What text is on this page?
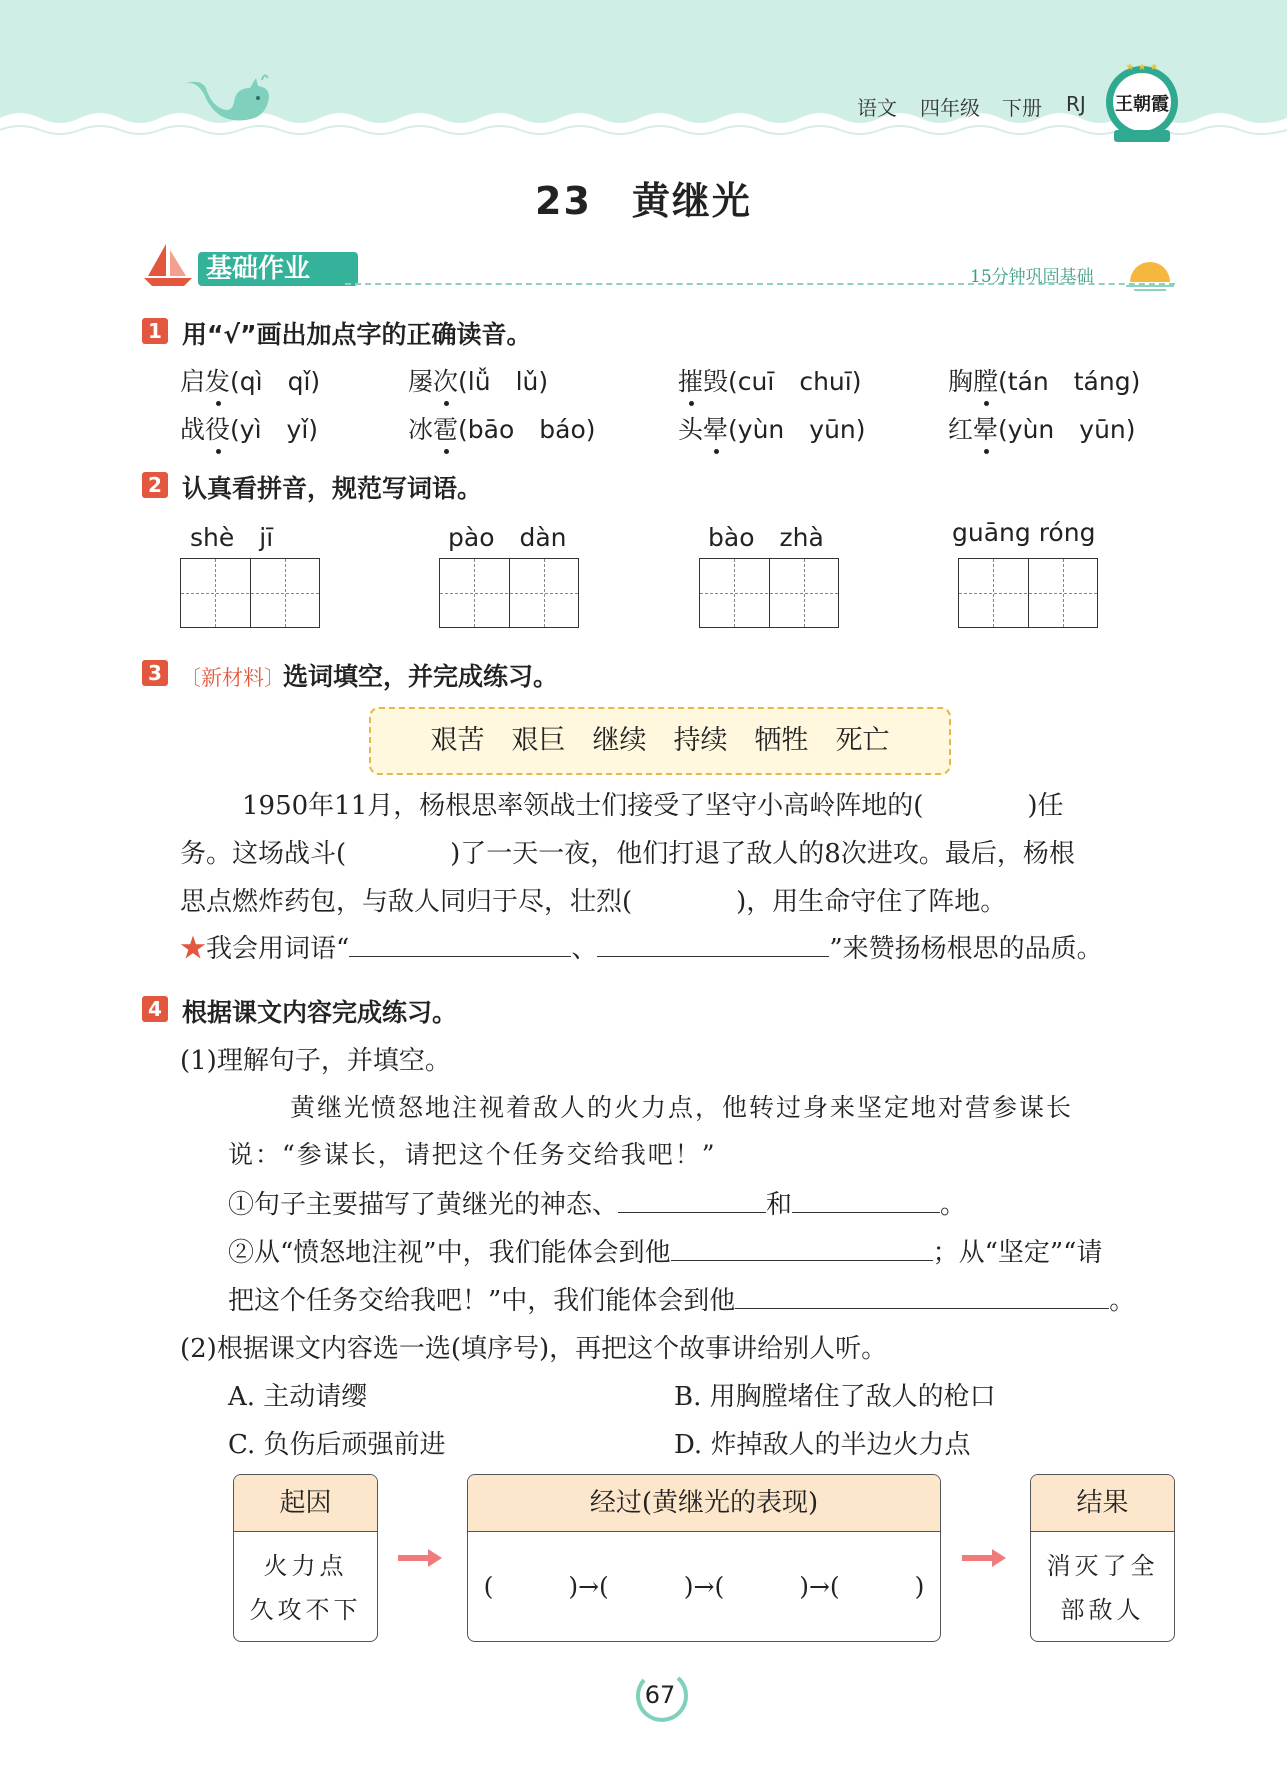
语文 四年级 下册 RJ
★ ★ ★
王朝霞
23　黄继光
基础作业	15分钟巩固基础
1 用“√”画出加点字的正确读音。
启发(qì　qǐ)	屡次(lǚ　lǔ)	摧毁(cuī　chuī)	胸膛(tán　táng)
战役(yì　yǐ)	冰雹(bāo　báo)	头晕(yùn　yūn)	红晕(yùn　yūn)
2 认真看拼音，规范写词语。
shè　jī	pào　dàn	bào　zhà	guāng róng
3 〔新材料〕
选词填空，并完成练习。
艰苦　艰巨　继续　持续　牺牲　死亡
1950年11月，杨根思率领战士们接受了坚守小高岭阵地的(　　　　)任
务。这场战斗(　　　　)了一天一夜，他们打退了敌人的8次进攻。最后，杨根
思点燃炸药包，与敌人同归于尽，壮烈(　　　　)，用生命守住了阵地。
★我会用词语“	、	”来赞扬杨根思的品质。
4 根据课文内容完成练习。
(1)理解句子，并填空。
黄继光愤怒地注视着敌人的火力点，他转过身来坚定地对营参谋长
说：“参谋长，请把这个任务交给我吧！”
①句子主要描写了黄继光的神态、	和	。
②从“愤怒地注视”中，我们能体会到他	；从“坚定”“请
把这个任务交给我吧！”中，我们能体会到他	。
(2)根据课文内容选一选(填序号)，再把这个故事讲给别人听。
A. 主动请缨	B. 用胸膛堵住了敌人的枪口
C. 负伤后顽强前进	D. 炸掉敌人的半边火力点
起因
火力点
久攻不下
经过(黄继光的表现)
(　　　)→(　　　)→(　　　)→(　　　)
结果
消灭了全
部敌人
67
